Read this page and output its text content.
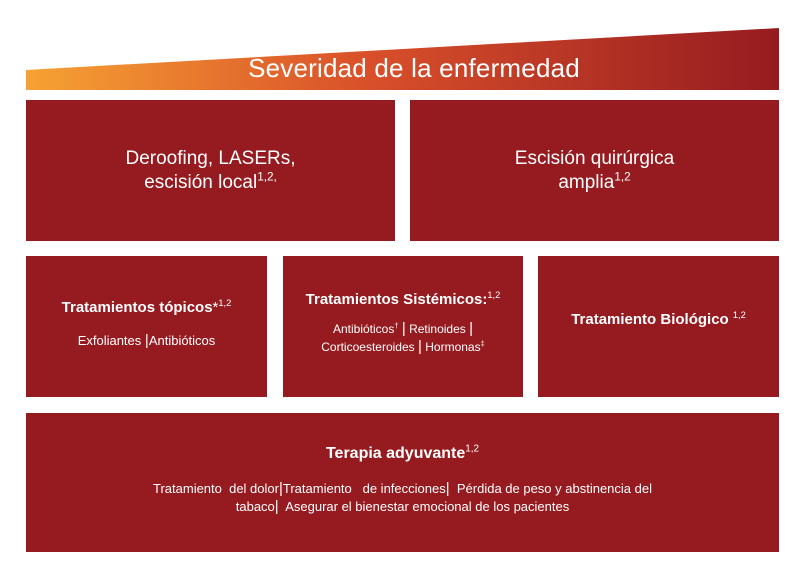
Severidad de la enfermedad
Deroofing, LASERs,
escisión local$^{1,2,}$
Escisión quirúrgica
amplia$^{1,2}$
Tratamientos tópicos*$^{1,2}$
Exfoliantes |Antibióticos
Tratamientos Sistémicos:$^{1,2}$
Antibióticos† | Retinoides |
Corticoesteroides | Hormonas‡
Tratamiento Biológico $^{1,2}$
Terapia adyuvante$^{1,2}$
Tratamiento  del dolor|Tratamiento   de infecciones| Pérdida de peso y abstinencia del
tabaco| Asegurar el bienestar emocional de los pacientes
